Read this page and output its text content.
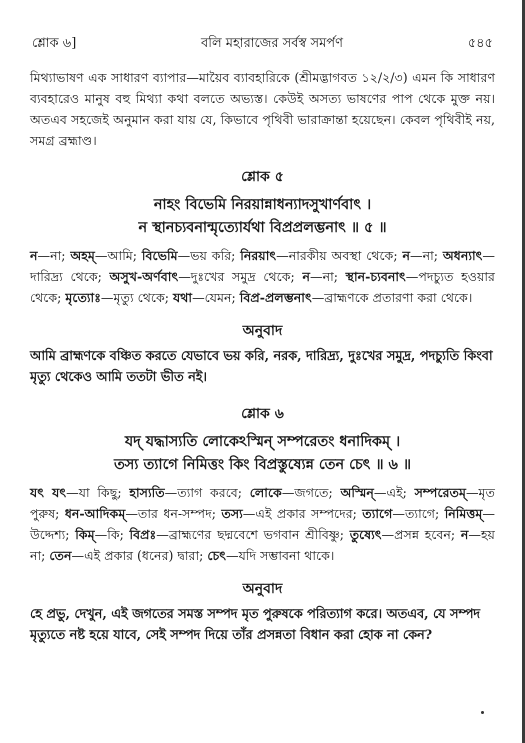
শ্লোক ৬]	বলি মহারাজের সর্বস্ব সমর্পণ	৫৪৫

মিথ্যাভাষণ এক সাধারণ ব্যাপার—মায়ৈব ব্যাবহারিকে (শ্রীমদ্ভাগবত ১২/২/৩) এমন কি সাধারণ ব্যবহারেও মানুষ বহু মিথ্যা কথা বলতে অভ্যস্ত। কেউই অসত্য ভাষণের পাপ থেকে মুক্ত নয়। অতএব সহজেই অনুমান করা যায় যে, কিভাবে পৃথিবী ভারাক্রান্তা হয়েছেন। কেবল পৃথিবীই নয়, সমগ্র ব্রহ্মাণ্ড।

শ্লোক ৫

নাহং বিভেমি নিরয়ান্নাধন্যাদসুখার্ণবাৎ ।

ন স্থানচ্যবনান্মৃত্যোর্যথা বিপ্রপ্রলম্ভনাৎ ॥ ৫ ॥

ন—না; অহম্—আমি; বিভেমি—ভয় করি; নিরয়াৎ—নারকীয় অবস্থা থেকে; ন—না; অধন্যাৎ—দারিদ্র্য থেকে; অসুখ-অর্ণবাৎ—দুঃখের সমুদ্র থেকে; ন—না; স্থান-চ্যবনাৎ—পদচ্যুত হওয়ার থেকে; মৃত্যোঃ—মৃত্যু থেকে; যথা—যেমন; বিপ্র-প্রলম্ভনাৎ—ব্রাহ্মণকে প্রতারণা করা থেকে।

অনুবাদ

আমি ব্রাহ্মণকে বঞ্চিত করতে যেভাবে ভয় করি, নরক, দারিদ্র্য, দুঃখের সমুদ্র, পদচ্যুতি কিংবা মৃত্যু থেকেও আমি ততটা ভীত নই।

শ্লোক ৬

যদ্ যদ্ধাস্যতি লোকেঽস্মিন্ সম্পরেতং ধনাদিকম্ ।

তস্য ত্যাগে নিমিত্তং কিং বিপ্রস্তুষ্যেন্ন তেন চেৎ ॥ ৬ ॥

যৎ যৎ—যা কিছু; হাস্যতি—ত্যাগ করবে; লোকে—জগতে; অস্মিন্—এই; সম্পরেতম্—মৃত পুরুষ; ধন-আদিকম্—তার ধন-সম্পদ; তস্য—এই প্রকার সম্পদের; ত্যাগে—ত্যাগে; নিমিত্তম্—উদ্দেশ্য; কিম্—কি; বিপ্রঃ—ব্রাহ্মণের ছদ্মবেশে ভগবান শ্রীবিষ্ণু; তুষ্যেৎ—প্রসন্ন হবেন; ন—হয় না; তেন—এই প্রকার (ধনের) দ্বারা; চেৎ—যদি সম্ভাবনা থাকে।

অনুবাদ

হে প্রভু, দেখুন, এই জগতের সমস্ত সম্পদ মৃত পুরুষকে পরিত্যাগ করে। অতএব, যে সম্পদ মৃত্যুতে নষ্ট হয়ে যাবে, সেই সম্পদ দিয়ে তাঁর প্রসন্নতা বিধান করা হোক না কেন?
